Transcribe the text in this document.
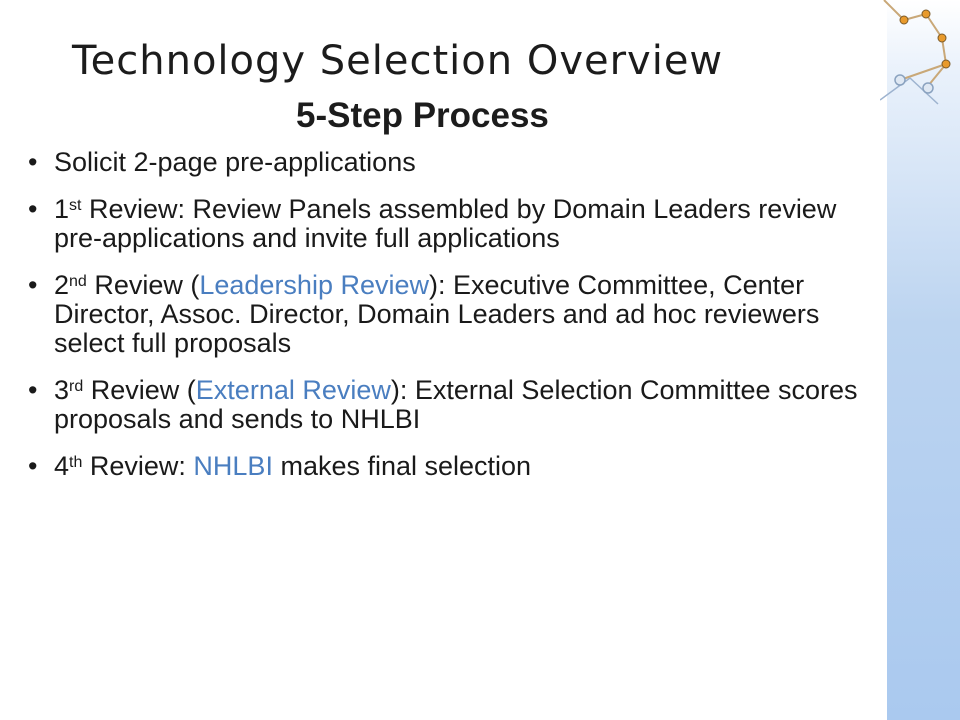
Technology Selection Overview
5-Step Process
• Solicit 2-page pre-applications
• 1st Review: Review Panels assembled by Domain Leaders review pre-applications and invite full applications
• 2nd Review (Leadership Review): Executive Committee, Center Director, Assoc. Director, Domain Leaders and ad hoc reviewers select full proposals
• 3rd Review (External Review): External Selection Committee scores proposals and sends to NHLBI
• 4th Review: NHLBI makes final selection
